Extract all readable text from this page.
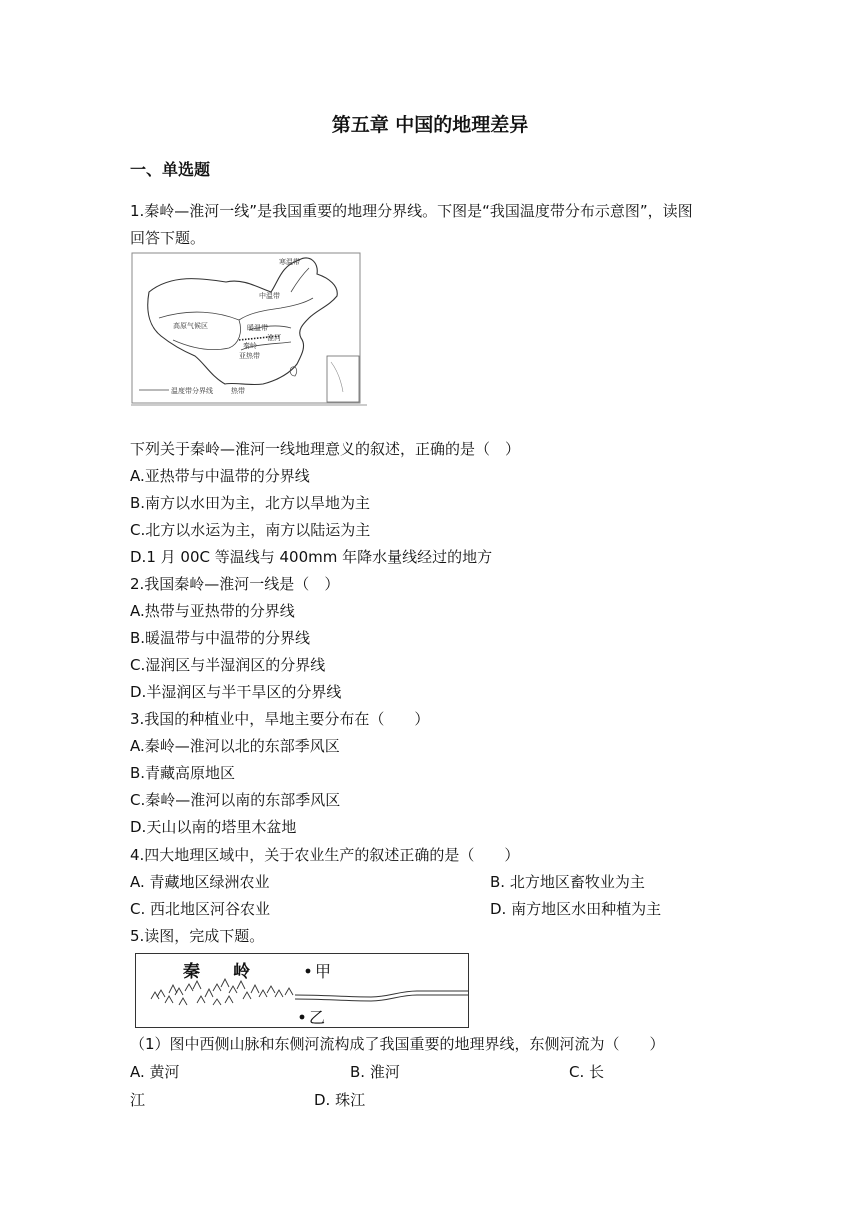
第五章 中国的地理差异
一、单选题
1.秦岭—淮河一线”是我国重要的地理分界线。下图是“我国温度带分布示意图”，读图
回答下题。
寒温带
中温带
高原气候区	暖温带
秦岭
淮河
亚热带
温度带分界线	热带
下列关于秦岭—淮河一线地理意义的叙述，正确的是（　）
A.亚热带与中温带的分界线
B.南方以水田为主，北方以旱地为主
C.北方以水运为主，南方以陆运为主
D.1 月 00C 等温线与 400mm 年降水量线经过的地方
2.我国秦岭—淮河一线是（　）
A.热带与亚热带的分界线
B.暖温带与中温带的分界线
C.湿润区与半湿润区的分界线
D.半湿润区与半干旱区的分界线
3.我国的种植业中，旱地主要分布在（　　）
A.秦岭—淮河以北的东部季风区
B.青藏高原地区
C.秦岭—淮河以南的东部季风区
D.天山以南的塔里木盆地
4.四大地理区域中，关于农业生产的叙述正确的是（　　）
A. 青藏地区绿洲农业	B. 北方地区畜牧业为主
C. 西北地区河谷农业	D. 南方地区水田种植为主
5.读图，完成下题。
秦 岭	甲
乙
（1）图中西侧山脉和东侧河流构成了我国重要的地理界线，东侧河流为（　　）
A. 黄河	B. 淮河	C. 长
江	D. 珠江
